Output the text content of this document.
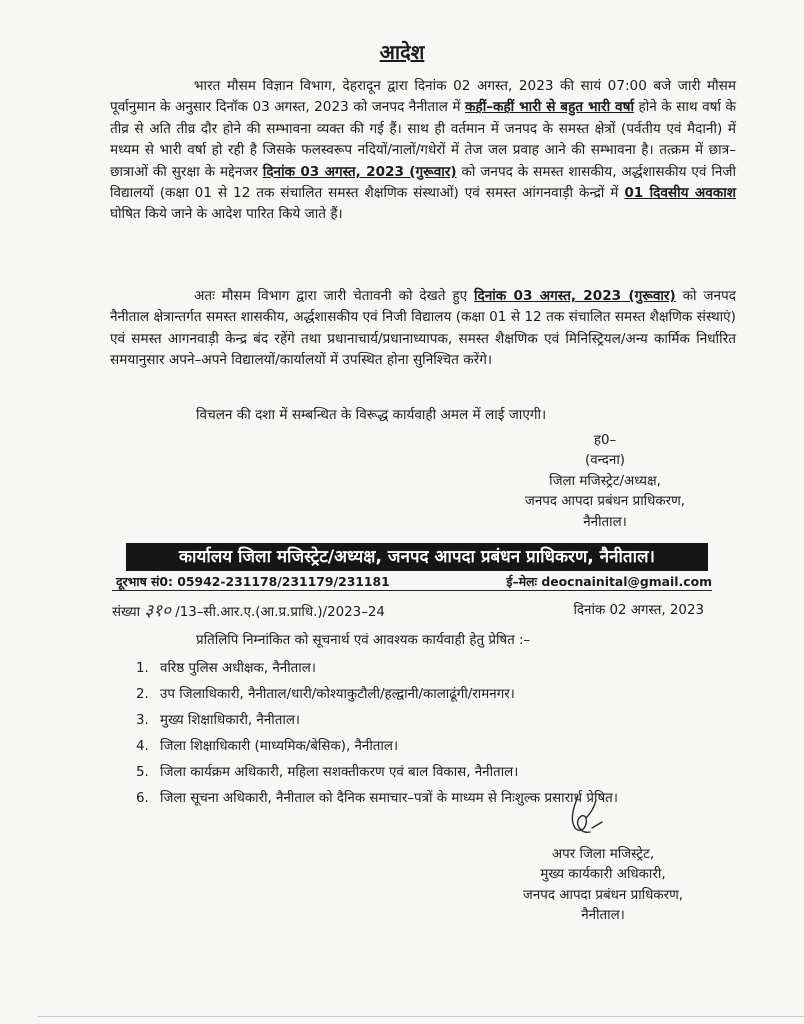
आदेश
भारत मौसम विज्ञान विभाग, देहरादून द्वारा दिनांक 02 अगस्त, 2023 की सायं 07:00 बजे जारी मौसम पूर्वानुमान के अनुसार दिनॉक 03 अगस्त, 2023 को जनपद नैनीताल में कहीं–कहीं भारी से बहुत भारी वर्षा होने के साथ वर्षा के तीव्र से अति तीव्र दौर होने की सम्भावना व्यक्त की गई हैं। साथ ही वर्तमान में जनपद के समस्त क्षेत्रों (पर्वतीय एवं मैदानी) में मध्यम से भारी वर्षा हो रही है जिसके फलस्वरूप नदियों/नालों/गधेरों में तेज जल प्रवाह आने की सम्भावना है। तत्क्रम में छात्र–छात्राओं की सुरक्षा के मद्देनजर दिनांक 03 अगस्त, 2023 (गुरूवार) को जनपद के समस्त शासकीय, अर्द्धशासकीय एवं निजी विद्यालयों (कक्षा 01 से 12 तक संचालित समस्त शैक्षणिक संस्थाओं) एवं समस्त आंगनवाड़ी केन्द्रों में 01 दिवसीय अवकाश घोषित किये जाने के आदेश पारित किये जाते हैं।
अतः मौसम विभाग द्वारा जारी चेतावनी को देखते हुए दिनांक 03 अगस्त, 2023 (गुरूवार) को जनपद नैनीताल क्षेत्रान्तर्गत समस्त शासकीय, अर्द्धशासकीय एवं निजी विद्यालय (कक्षा 01 से 12 तक संचालित समस्त शैक्षणिक संस्थाएं) एवं समस्त आगनवाड़ी केन्द्र बंद रहेंगे तथा प्रधानाचार्य/प्रधानाध्यापक, समस्त शैक्षणिक एवं मिनिस्ट्रियल/अन्य कार्मिक निर्धारित समयानुसार अपने–अपने विद्यालयों/कार्यालयों में उपस्थित होना सुनिश्चित करेंगे।
विचलन की दशा में सम्बन्धित के विरूद्ध कार्यवाही अमल में लाई जाएगी।
ह0–
(वन्दना)
जिला मजिस्ट्रेट/अध्यक्ष,
जनपद आपदा प्रबंधन प्राधिकरण,
नैनीताल।
कार्यालय जिला मजिस्ट्रेट/अध्यक्ष, जनपद आपदा प्रबंधन प्राधिकरण, नैनीताल।
दूरभाष सं0: 05942-231178/231179/231181	ई–मेलः deocnainital@gmail.com
संख्या ३१० /13–सी.आर.ए.(आ.प्र.प्राधि.)/2023–24	दिनांक 02 अगस्त, 2023
प्रतिलिपि निम्नांकित को सूचनार्थ एवं आवश्यक कार्यवाही हेतु प्रेषित :–
1. वरिष्ठ पुलिस अधीक्षक, नैनीताल।
2. उप जिलाधिकारी, नैनीताल/धारी/कोश्याकुटौली/हल्द्वानी/कालाढूंगी/रामनगर।
3. मुख्य शिक्षाधिकारी, नैनीताल।
4. जिला शिक्षाधिकारी (माध्यमिक/बेसिक), नैनीताल।
5. जिला कार्यक्रम अधिकारी, महिला सशक्तीकरण एवं बाल विकास, नैनीताल।
6. जिला सूचना अधिकारी, नैनीताल को दैनिक समाचार–पत्रों के माध्यम से निःशुल्क प्रसारार्थ प्रेषित।
अपर जिला मजिस्ट्रेट,
मुख्य कार्यकारी अधिकारी,
जनपद आपदा प्रबंधन प्राधिकरण,
नैनीताल।
